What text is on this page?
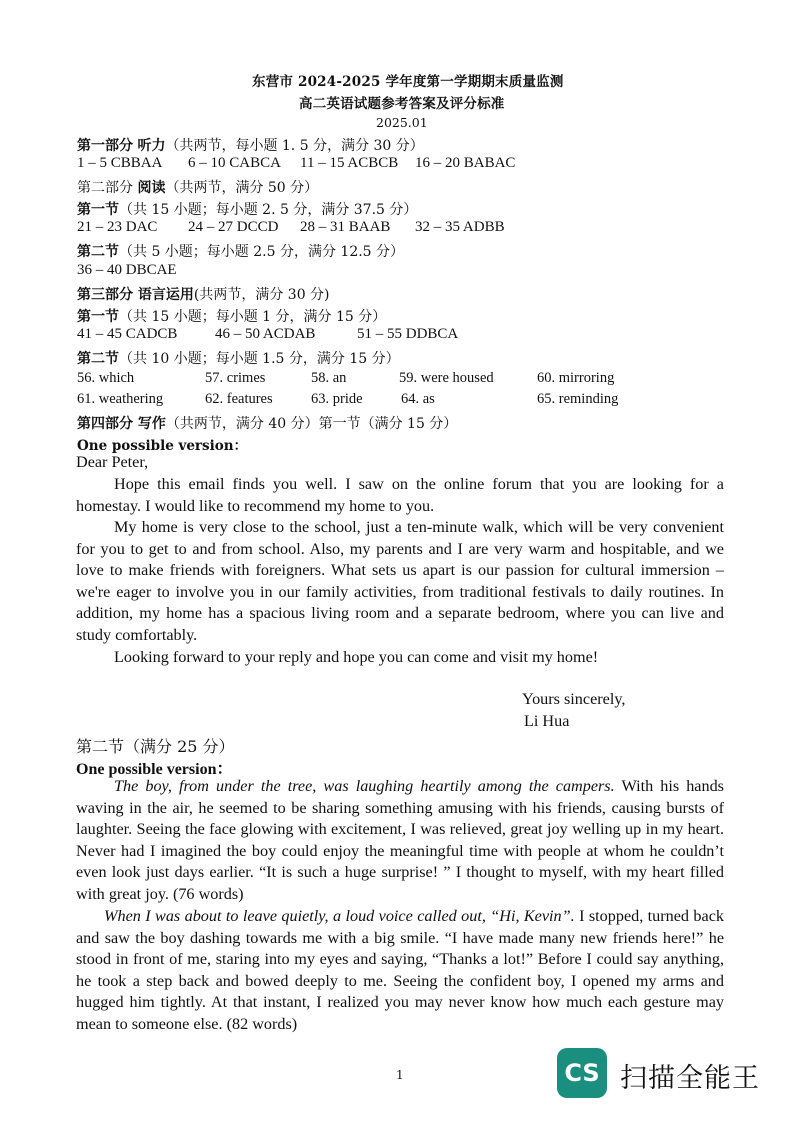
东营市 2024-2025 学年度第一学期期末质量监测
高二英语试题参考答案及评分标准
2025.01
第一部分 听力（共两节，每小题 1. 5 分，满分 30 分）
1 – 5 CBBAA 6 – 10 CABCA 11 – 15 ACBCB 16 – 20 BABAC
第二部分 阅读（共两节，满分 50 分）
第一节（共 15 小题；每小题 2. 5 分，满分 37.5 分）
21 – 23 DAC 24 – 27 DCCD 28 – 31 BAAB 32 – 35 ADBB
第二节（共 5 小题；每小题 2.5 分，满分 12.5 分）
36 – 40 DBCAE
第三部分 语言运用(共两节，满分 30 分)
第一节（共 15 小题；每小题 1 分，满分 15 分）
41 – 45 CADCB	46 – 50 ACDAB	51 – 55 DDBCA
第二节（共 10 小题；每小题 1.5 分，满分 15 分）
56. which	57. crimes	58. an	59. were housed	60. mirroring
61. weathering	62. features	63. pride	64. as	65. reminding
第四部分 写作（共两节，满分 40 分）第一节（满分 15 分）
One possible version：
Dear Peter,

Hope this email finds you well. I saw on the online forum that you are looking for a homestay. I would like to recommend my home to you.

My home is very close to the school, just a ten-minute walk, which will be very convenient for you to get to and from school. Also, my parents and I are very warm and hospitable, and we love to make friends with foreigners. What sets us apart is our passion for cultural immersion – we're eager to involve you in our family activities, from traditional festivals to daily routines. In addition, my home has a spacious living room and a separate bedroom, where you can live and study comfortably.

Looking forward to your reply and hope you can come and visit my home!

Yours sincerely,
Li Hua
第二节（满分 25 分）
One possible version：

The boy, from under the tree, was laughing heartily among the campers. With his hands waving in the air, he seemed to be sharing something amusing with his friends, causing bursts of laughter. Seeing the face glowing with excitement, I was relieved, great joy welling up in my heart. Never had I imagined the boy could enjoy the meaningful time with people at whom he couldn’t even look just days earlier. “It is such a huge surprise! ” I thought to myself, with my heart filled with great joy. (76 words)

When I was about to leave quietly, a loud voice called out, “Hi, Kevin”. I stopped, turned back and saw the boy dashing towards me with a big smile. “I have made many new friends here!” he stood in front of me, staring into my eyes and saying, “Thanks a lot!” Before I could say anything, he took a step back and bowed deeply to me. Seeing the confident boy, I opened my arms and hugged him tightly. At that instant, I realized you may never know how much each gesture may mean to someone else. (82 words)

1	CS 扫描全能王
